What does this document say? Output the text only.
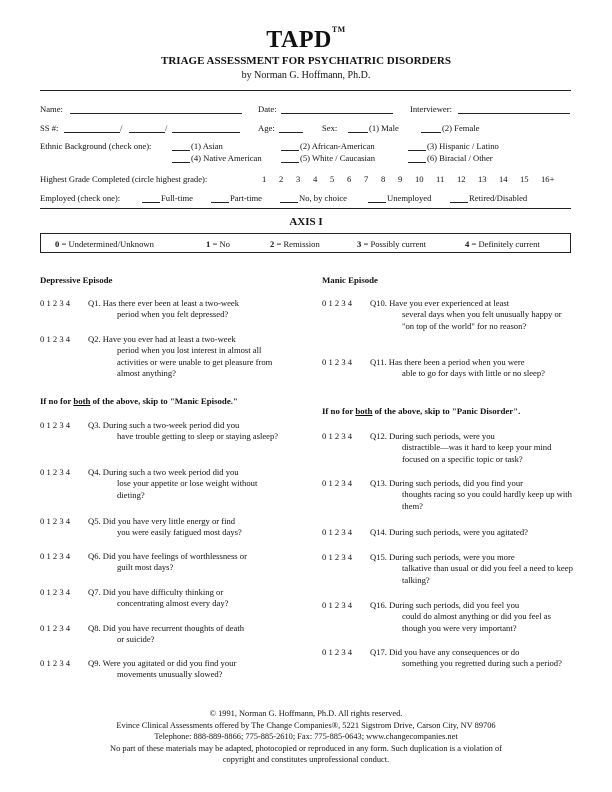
TAPD™
TRIAGE ASSESSMENT FOR PSYCHIATRIC DISORDERS
by Norman G. Hoffmann, Ph.D.
Name:	Date:	Interviewer:
SS #:	/	/	Age:	Sex:	(1) Male	(2) Female
Ethnic Background (check one):	(1) Asian	(2) African-American	(3) Hispanic / Latino
(4) Native American	(5) White / Caucasian	(6) Biracial / Other
Highest Grade Completed (circle highest grade):	1 2 3 4 5 6 7 8 9 10 11 12 13 14 15 16+
Employed (check one):	Full-time	Part-time	No, by choice	Unemployed	Retired/Disabled
AXIS I
0 = Undetermined/Unknown	1 = No	2 = Remission	3 = Possibly current	4 = Definitely current
Depressive Episode
0 1 2 3 4 Q1. Has there ever been at least a two-week
period when you felt depressed?
0 1 2 3 4 Q2. Have you ever had at least a two-week
period when you lost interest in almost all activities or were unable to get pleasure from almost anything?
If no for both of the above, skip to "Manic Episode."
0 1 2 3 4 Q3. During such a two-week period did you
have trouble getting to sleep or staying asleep?
0 1 2 3 4 Q4. During such a two week period did you
lose your appetite or lose weight without dieting?
0 1 2 3 4 Q5. Did you have very little energy or find
you were easily fatigued most days?
0 1 2 3 4 Q6. Did you have feelings of worthlessness or
guilt most days?
0 1 2 3 4 Q7. Did you have difficulty thinking or
concentrating almost every day?
0 1 2 3 4 Q8. Did you have recurrent thoughts of death
or suicide?
0 1 2 3 4 Q9. Were you agitated or did you find your
movements unusually slowed?
Manic Episode
0 1 2 3 4 Q10. Have you ever experienced at least
several days when you felt unusually happy or "on top of the world" for no reason?
0 1 2 3 4 Q11. Has there been a period when you were
able to go for days with little or no sleep?
If no for both of the above, skip to "Panic Disorder".
0 1 2 3 4 Q12. During such periods, were you
distractible—was it hard to keep your mind focused on a specific topic or task?
0 1 2 3 4 Q13. During such periods, did you find your
thoughts racing so you could hardly keep up with them?
0 1 2 3 4 Q14. During such periods, were you agitated?
0 1 2 3 4 Q15. During such periods, were you more
talkative than usual or did you feel a need to keep talking?
0 1 2 3 4 Q16. During such periods, did you feel you
could do almost anything or did you feel as though you were very important?
0 1 2 3 4 Q17. Did you have any consequences or do
something you regretted during such a period?
© 1991, Norman G. Hoffmann, Ph.D. All rights reserved.
Evince Clinical Assessments offered by The Change Companies®, 5221 Sigstrom Drive, Carson City, NV 89706
Telephone: 888-889-8866; 775-885-2610; Fax: 775-885-0643; www.changecompanies.net
No part of these materials may be adapted, photocopied or reproduced in any form. Such duplication is a violation of
copyright and constitutes unprofessional conduct.
